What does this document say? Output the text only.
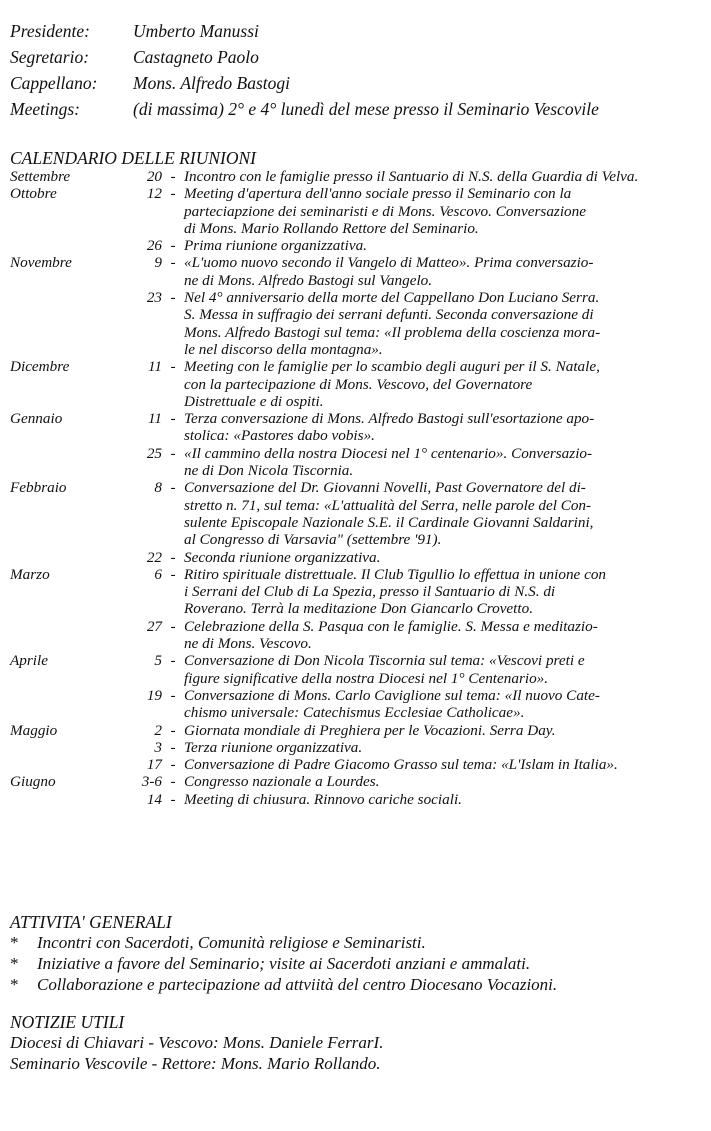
Presidente:	Umberto Manussi
Segretario:	Castagneto Paolo
Cappellano:	Mons. Alfredo Bastogi
Meetings:	(di massima) 2° e 4° lunedì del mese presso il Seminario Vescovile
CALENDARIO DELLE RIUNIONI
Settembre	20 - Incontro con le famiglie presso il Santuario di N.S. della Guardia di Velva.
Ottobre	12 - Meeting d'apertura dell'anno sociale presso il Seminario con la
parteciapzione dei seminaristi e di Mons. Vescovo. Conversazione
di Mons. Mario Rollando Rettore del Seminario.
26 - Prima riunione organizzativa.
Novembre	9 - «L'uomo nuovo secondo il Vangelo di Matteo». Prima conversazio-
ne di Mons. Alfredo Bastogi sul Vangelo.
23 - Nel 4° anniversario della morte del Cappellano Don Luciano Serra.
S. Messa in suffragio dei serrani defunti. Seconda conversazione di
Mons. Alfredo Bastogi sul tema: «Il problema della coscienza mora-
le nel discorso della montagna».
Dicembre	11 - Meeting con le famiglie per lo scambio degli auguri per il S. Natale,
con la partecipazione di Mons. Vescovo, del Governatore
Distrettuale e di ospiti.
Gennaio	11 - Terza conversazione di Mons. Alfredo Bastogi sull'esortazione apo-
stolica: «Pastores dabo vobis».
25 - «Il cammino della nostra Diocesi nel 1° centenario». Conversazio-
ne di Don Nicola Tiscornia.
Febbraio	8 - Conversazione del Dr. Giovanni Novelli, Past Governatore del di-
stretto n. 71, sul tema: «L'attualità del Serra, nelle parole del Con-
sulente Episcopale Nazionale S.E. il Cardinale Giovanni Saldarini,
al Congresso di Varsavia" (settembre '91).
22 - Seconda riunione organizzativa.
Marzo	6 - Ritiro spirituale distrettuale. Il Club Tigullio lo effettua in unione con
i Serrani del Club di La Spezia, presso il Santuario di N.S. di
Roverano. Terrà la meditazione Don Giancarlo Crovetto.
27 - Celebrazione della S. Pasqua con le famiglie. S. Messa e meditazio-
ne di Mons. Vescovo.
Aprile	5 - Conversazione di Don Nicola Tiscornia sul tema: «Vescovi preti e
figure significative della nostra Diocesi nel 1° Centenario».
19 - Conversazione di Mons. Carlo Caviglione sul tema: «Il nuovo Cate-
chismo universale: Catechismus Ecclesiae Catholicae».
Maggio	2 - Giornata mondiale di Preghiera per le Vocazioni. Serra Day.
3 - Terza riunione organizzativa.
17 - Conversazione di Padre Giacomo Grasso sul tema: «L'Islam in Italia».
Giugno	3-6 - Congresso nazionale a Lourdes.
14 - Meeting di chiusura. Rinnovo cariche sociali.
ATTIVITA' GENERALI
*	Incontri con Sacerdoti, Comunità religiose e Seminaristi.
*	Iniziative a favore del Seminario; visite ai Sacerdoti anziani e ammalati.
*	Collaborazione e partecipazione ad attviità del centro Diocesano Vocazioni.
NOTIZIE UTILI
Diocesi di Chiavari - Vescovo: Mons. Daniele FerrarI.
Seminario Vescovile - Rettore: Mons. Mario Rollando.
